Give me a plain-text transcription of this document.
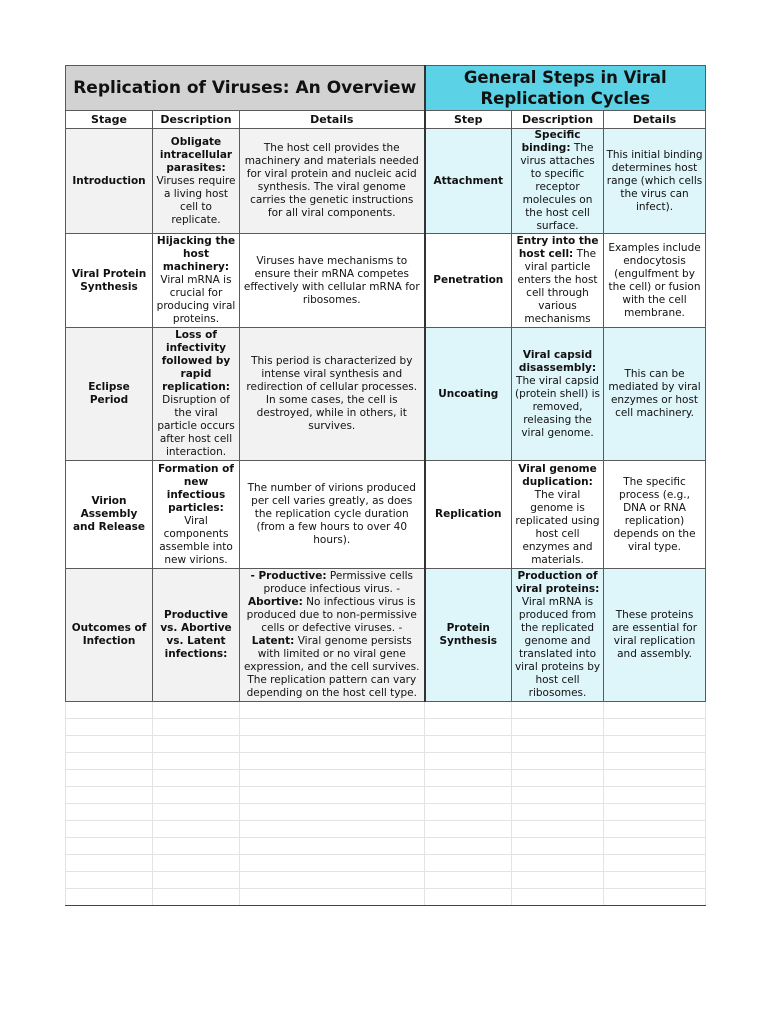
Replication of Viruses: An Overview			General Steps in Viral Replication Cycles		
Stage	Description	Details	Step	Description	Details
Introduction	Obligate intracellular parasites: Viruses require a living host cell to replicate.	The host cell provides the machinery and materials needed for viral protein and nucleic acid synthesis. The viral genome carries the genetic instructions for all viral components.	Attachment	Specific binding: The virus attaches to specific receptor molecules on the host cell surface.	This initial binding determines host range (which cells the virus can infect).
Viral Protein Synthesis	Hijacking the host machinery: Viral mRNA is crucial for producing viral proteins.	Viruses have mechanisms to ensure their mRNA competes effectively with cellular mRNA for ribosomes.	Penetration	Entry into the host cell: The viral particle enters the host cell through various mechanisms	Examples include endocytosis (engulfment by the cell) or fusion with the cell membrane.
Eclipse Period	Loss of infectivity followed by rapid replication: Disruption of the viral particle occurs after host cell interaction.	This period is characterized by intense viral synthesis and redirection of cellular processes. In some cases, the cell is destroyed, while in others, it survives.	Uncoating	Viral capsid disassembly: The viral capsid (protein shell) is removed, releasing the viral genome.	This can be mediated by viral enzymes or host cell machinery.
Virion Assembly and Release	Formation of new infectious particles: Viral components assemble into new virions.	The number of virions produced per cell varies greatly, as does the replication cycle duration (from a few hours to over 40 hours).	Replication	Viral genome duplication: The viral genome is replicated using host cell enzymes and materials.	The specific process (e.g., DNA or RNA replication) depends on the viral type.
Outcomes of Infection	Productive vs. Abortive vs. Latent infections:	- Productive: Permissive cells produce infectious virus. - Abortive: No infectious virus is produced due to non-permissive cells or defective viruses. - Latent: Viral genome persists with limited or no viral gene expression, and the cell survives. The replication pattern can vary depending on the host cell type.	Protein Synthesis	Production of viral proteins: Viral mRNA is produced from the replicated genome and translated into viral proteins by host cell ribosomes.	These proteins are essential for viral replication and assembly.
